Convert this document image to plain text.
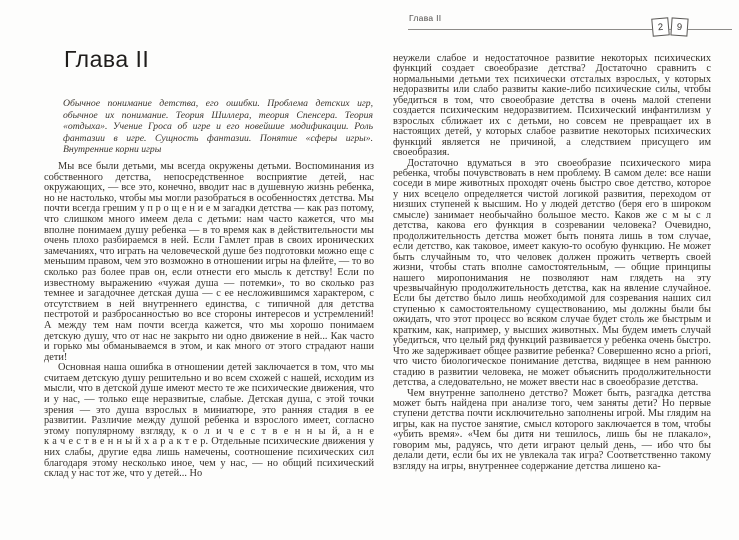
Глава II
Обычное понимание детства, его ошибки. Проблема детских игр, обычное их понимание. Теория Шиллера, теория Спенсера. Теория «отдыха». Учение Гроса об игре и его новейшие модификации. Роль фантазии в игре. Сущность фантазии. Понятие «сферы игры». Внутренние корни игры

Мы все были детьми, мы всегда окружены детьми. Воспоминания из собственного детства, непосредственное восприятие детей, нас окружающих, — все это, конечно, вводит нас в душевную жизнь ребенка, но не настолько, чтобы мы могли разобраться в особенностях детства. Мы почти всегда грешим у п р о щ е н и е м загадки детства — как раз потому, что слишком много имеем дела с детьми: нам часто кажется, что мы вполне понимаем душу ребенка — в то время как в действительности мы очень плохо разбираемся в ней. Если Гамлет прав в своих иронических замечаниях, что играть на человеческой душе без подготовки можно еще с меньшим правом, чем это возможно в отношении игры на флейте, — то во сколько раз более прав он, если отнести его мысль к детству! Если по известному выражению «чужая душа — потемки», то во сколько раз темнее и загадочнее детская душа — с ее несложившимся характером, с отсутствием в ней внутреннего единства, с типичной для детства пестротой и разбросанностью во все стороны интересов и устремлений! А между тем нам почти всегда кажется, что мы хорошо понимаем детскую душу, что от нас не закрыто ни одно движение в ней... Как часто и горько мы обманываемся в этом, и как много от этого страдают наши дети!

Основная наша ошибка в отношении детей заключается в том, что мы считаем детскую душу решительно и во всем схожей с нашей, исходим из мысли, что в детской душе имеют место те же психические движения, что и у нас, — только еще неразвитые, слабые. Детская душа, с этой точки зрения — это душа взрослых в миниатюре, это ранняя стадия в ее развитии. Различие между душой ребенка и взрослого имеет, согласно этому популярному взгляду, к о л и ч е с т в е н н ы й, а н е к а ч е с т в е н н ы й х а р а к т е р. Отдельные психические движения у них слабы, другие едва лишь намечены, соотношение психических сил благодаря этому несколько иное, чем у нас, — но общий психический склад у нас тот же, что у детей... Но

Глава II
2	9

неужели слабое и недостаточное развитие некоторых психических функций создает своеобразие детства? Достаточно сравнить с нормальными детьми тех психически отсталых взрослых, у которых недоразвиты или слабо развиты какие-либо психические силы, чтобы убедиться в том, что своеобразие детства в очень малой степени создается психическим недоразвитием. Психический инфантилизм у взрослых сближает их с детьми, но совсем не превращает их в настоящих детей, у которых слабое развитие некоторых психических функций является не причиной, а следствием присущего им своеобразия.

Достаточно вдуматься в это своеобразие психического мира ребенка, чтобы почувствовать в нем проблему. В самом деле: все наши соседи в мире животных проходят очень быстро свое детство, которое у них всецело определяется чистой логикой развития, переходом от низших ступеней к высшим. Но у людей детство (беря его в широком смысле) занимает необычайно большое место. Каков же с м ы с л детства, какова его функция в созревании человека? Очевидно, продолжительность детства может быть понята лишь в том случае, если детство, как таковое, имеет какую-то особую функцию. Не может быть случайным то, что человек должен прожить четверть своей жизни, чтобы стать вполне самостоятельным, — общие принципы нашего миропонимания не позволяют нам глядеть на эту чрезвычайную продолжительность детства, как на явление случайное. Если бы детство было лишь необходимой для созревания наших сил ступенью к самостоятельному существованию, мы должны были бы ожидать, что этот процесс во всяком случае будет столь же быстрым и кратким, как, например, у высших животных. Мы будем иметь случай убедиться, что целый ряд функций развивается у ребенка очень быстро. Что же задерживает общее развитие ребенка? Совершенно ясно a priori, что чисто биологическое понимание детства, видящее в нем раннюю стадию в развитии человека, не может объяснить продолжительности детства, а следовательно, не может ввести нас в своеобразие детства.

Чем внутренне заполнено детство? Может быть, разгадка детства может быть найдена при анализе того, чем заняты дети? Но первые ступени детства почти исключительно заполнены игрой. Мы глядим на игры, как на пустое занятие, смысл которого заключается в том, чтобы «убить время». «Чем бы дитя ни тешилось, лишь бы не плакало», говорим мы, радуясь, что дети играют целый день, — ибо что бы делали дети, если бы их не увлекала так игра? Соответственно такому взгляду на игры, внутреннее содержание детства лишено ка-
